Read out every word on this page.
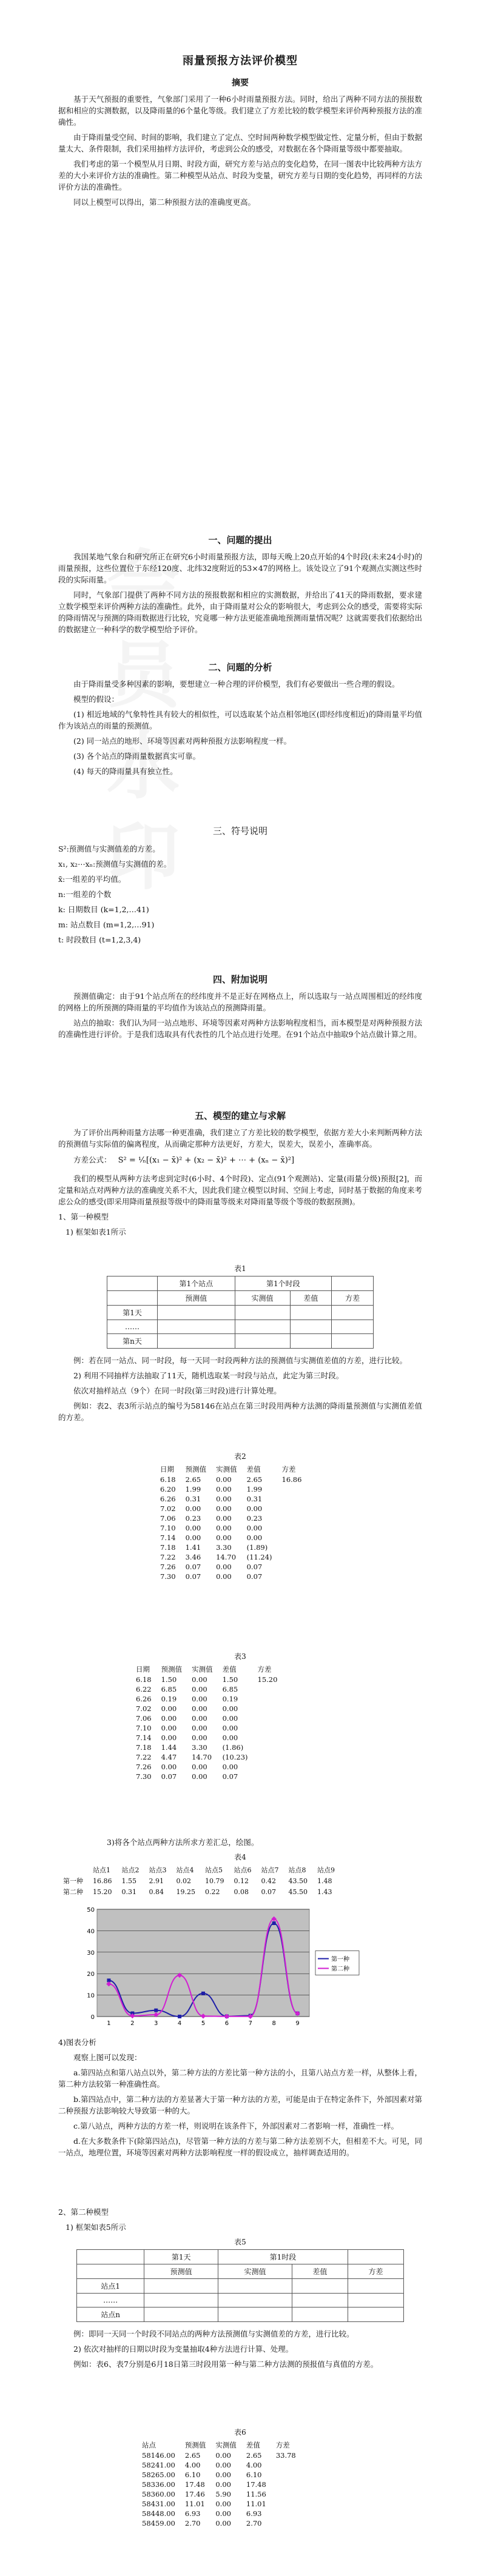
雨量预报方法评价模型
摘要

基于天气预报的重要性，气象部门采用了一种6小时雨量预报方法。同时，给出了两种不同方法的预报数据和相应的实测数据，以及降雨量的6个量化等级。我们建立了方差比较的数学模型来评价两种预报方法的准确性。

由于降雨量受空间、时间的影响，我们建立了定点、空时间两种数学模型做定性、定量分析，但由于数据量太大、条件限制，我们采用抽样方法评价，考虑到公众的感受，对数据在各个降雨量等级中都要抽取。

我们考虑的第一个模型从月日期、时段方面，研究方差与站点的变化趋势，在同一图表中比较两种方法方差的大小来评价方法的准确性。第二种模型从站点、时段为变量，研究方差与日期的变化趋势，再同样的方法评价方法的准确性。

同以上模型可以得出，第二种预报方法的准确度更高。

一、问题的提出

我国某地气象台和研究所正在研究6小时雨量预报方法，即每天晚上20点开始的4个时段(未来24小时)的雨量预报，这些位置位于东经120度、北纬32度附近的53×47的网格上。该处设立了91个观测点实测这些时段的实际雨量。

同时，气象部门提供了两种不同方法的预报数据和相应的实测数据，并给出了41天的降雨数据，要求建立数学模型来评价两种方法的准确性。此外，由于降雨量对公众的影响很大，考虑到公众的感受，需要将实际的降雨情况与预测的降雨数据进行比较，究竟哪一种方法更能准确地预测雨量情况呢？这就需要我们依据给出的数据建立一种科学的数学模型给予评价。

二、问题的分析

由于降雨量受多种因素的影响，要想建立一种合理的评价模型，我们有必要做出一些合理的假设。

模型的假设：

(1) 相近地域的气象特性具有较大的相似性，可以选取某个站点相邻地区(即经纬度相近)的降雨量平均值作为该站点的雨量的预测值。

(2) 同一站点的地形、环境等因素对两种预报方法影响程度一样。

(3) 各个站点的降雨量数据真实可靠。

(4) 每天的降雨量具有独立性。

三、符号说明

S²:预测值与实测值差的方差。

x₁, x₂⋯xₙ:预测值与实测值的差。

x̄:一组差的平均值。

n:一组差的个数

k: 日期数目 (k=1,2,…41)

m: 站点数目 (m=1,2,…91)

t: 时段数目 (t=1,2,3,4)

四、附加说明

预测值确定：由于91个站点所在的经纬度并不是正好在网格点上，所以选取与一站点周围相近的经纬度的网格上的所预测的降雨量的平均值作为该站点的预测降雨量。

站点的抽取：我们认为同一站点地形、环境等因素对两种方法影响程度相当，而本模型是对两种预报方法的准确性进行评价。于是我们选取具有代表性的几个站点进行处理。在91个站点中抽取9个站点做计算之用。

五、模型的建立与求解

为了评价出两种雨量方法哪一种更准确，我们建立了方差比较的数学模型，依据方差大小来判断两种方法的预测值与实际值的偏离程度，从而确定那种方法更好，方差大，误差大，误差小，准确率高。

方差公式： S² = ¹⁄ₙ[(x₁ − x̄)² + (x₂ − x̄)² + ⋯ + (xₙ − x̄)²]

我们的模型从两种方法考虑到定时(6小时、4个时段)、定点(91个观测站)、定量(雨量分级)预报[2]，而定量和站点对两种方法的准确度关系不大，因此我们建立模型以时间、空间上考虑，同时基于数据的角度来考虑公众的感受(即采用降雨量预报等级中的降雨量等级来对降雨量等级个等级的数据预测)。

1、第一种模型

1) 框架如表1所示

表1
	第1个站点	第1个时段		
	预测值	实测值	差值	方差
第1天				
……				
第n天				

例：若在同一站点、同一时段，每一天同一时段两种方法的预测值与实测值差值的方差，进行比较。

2) 利用不同抽样方法抽取了11天，随机选取某一时段与站点，此定为第三时段。

依次对抽样站点（9个）在同一时段(第三时段)进行计算处理。

例如：表2、表3所示站点的编号为58146在站点在第三时段用两种方法测的降雨量预测值与实测值差值的方差。

表2
日期	预测值	实测值	差值	方差
6.18	2.65	0.00	2.65	16.86
6.20	1.99	0.00	1.99	
6.26	0.31	0.00	0.31	
7.02	0.00	0.00	0.00	
7.06	0.23	0.00	0.23	
7.10	0.00	0.00	0.00	
7.14	0.00	0.00	0.00	
7.18	1.41	3.30	(1.89)	
7.22	3.46	14.70	(11.24)	
7.26	0.07	0.00	0.07	
7.30	0.07	0.00	0.07	
表3
日期	预测值	实测值	差值	方差
6.18	1.50	0.00	1.50	15.20
6.22	6.85	0.00	6.85	
6.26	0.19	0.00	0.19	
7.02	0.00	0.00	0.00	
7.06	0.00	0.00	0.00	
7.10	0.00	0.00	0.00	
7.14	0.00	0.00	0.00	
7.18	1.44	3.30	(1.86)	
7.22	4.47	14.70	(10.23)	
7.26	0.00	0.00	0.00	
7.30	0.07	0.00	0.07	

3)将各个站点两种方法所求方差汇总，绘图。

表4
	站点1	站点2	站点3	站点4	站点5	站点6	站点7	站点8	站点9
第一种	16.86	1.55	2.91	0.02	10.79	0.12	0.42	43.50	1.48
第二种	15.20	0.31	0.84	19.25	0.22	0.08	0.07	45.50	1.43
0
10
20
30
40
50
1	2	3	4	5	6	7	8	9
第一种
第二种

4)图表分析

观察上图可以发现：

a.第四站点和第八站点以外，第二种方法的方差比第一种方法的小，且第八站点方差一样，从整体上看，第二种方法较第一种准确性高。

b.第四站点中，第二种方法的方差显著大于第一种方法的方差，可能是由于在特定条件下，外部因素对第二种预报方法影响较大导致第一种的大。

c.第八站点，两种方法的方差一样，则说明在该条件下，外部因素对二者影响一样，准确性一样。

d.在大多数条件下(除第四站点)，尽管第一种方法的方差与第二种方法差别不大，但相差不大。可见，同一站点，地理位置，环境等因素对两种方法影响程度一样的假设成立，抽样调查适用的。

2、第二种模型

1) 框架如表5所示

表5
	第1天	第1时段		
	预测值	实测值	差值	方差
站点1				
……				
站点n				

例：即同一天同一个时段不同站点的两种方法预测值与实测值差的方差，进行比较。

2) 依次对抽样的日期以时段为变量抽取4种方法进行计算、处理。

例如：表6、表7分别是6月18日第三时段用第一种与第二种方法测的预报值与真值的方差。

表6
站点	预测值	实测值	差值	方差
58146.00	2.65	0.00	2.65	33.78
58241.00	4.00	0.00	4.00	
58265.00	6.10	0.00	6.10	
58336.00	17.48	0.00	17.48	
58360.00	17.46	5.90	11.56	
58431.00	11.01	0.00	11.01	
58448.00	6.93	0.00	6.93	
58459.00	2.70	0.00	2.70	
